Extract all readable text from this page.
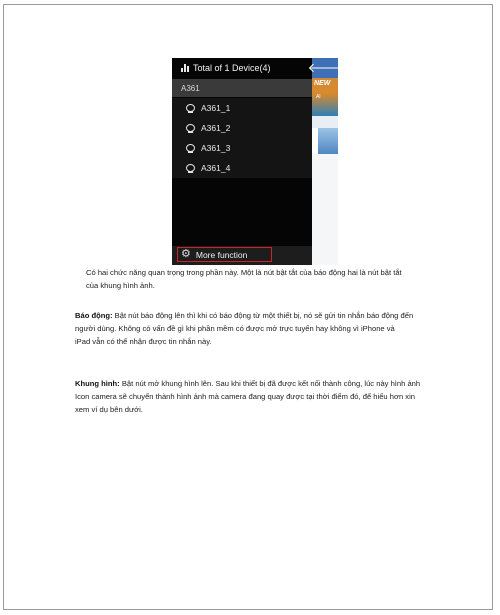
Total of 1 Device(4)
A361
A361_1
A361_2
A361_3
A361_4
⚙ More function
🡐
NEW
Al
Có hai chức năng quan trọng trong phần này. Một là nút bật tắt của báo động hai là nút bật tắt
của khung hình ảnh.
Báo động: Bật nút báo động lên thì khi có báo động từ một thiết bị, nó sẽ gửi tin nhắn báo động đến
người dùng. Không có vấn đề gì khi phần mềm có được mở trực tuyến hay không vì iPhone và
iPad vẫn có thể nhận được tin nhắn này.
Khung hình: Bật nút mở khung hình lên. Sau khi thiết bị đã được kết nối thành công, lúc này hình ảnh
Icon camera sẽ chuyển thành hình ảnh mà camera đang quay được tại thời điểm đó, để hiểu hơn xin
xem ví dụ bên dưới.
